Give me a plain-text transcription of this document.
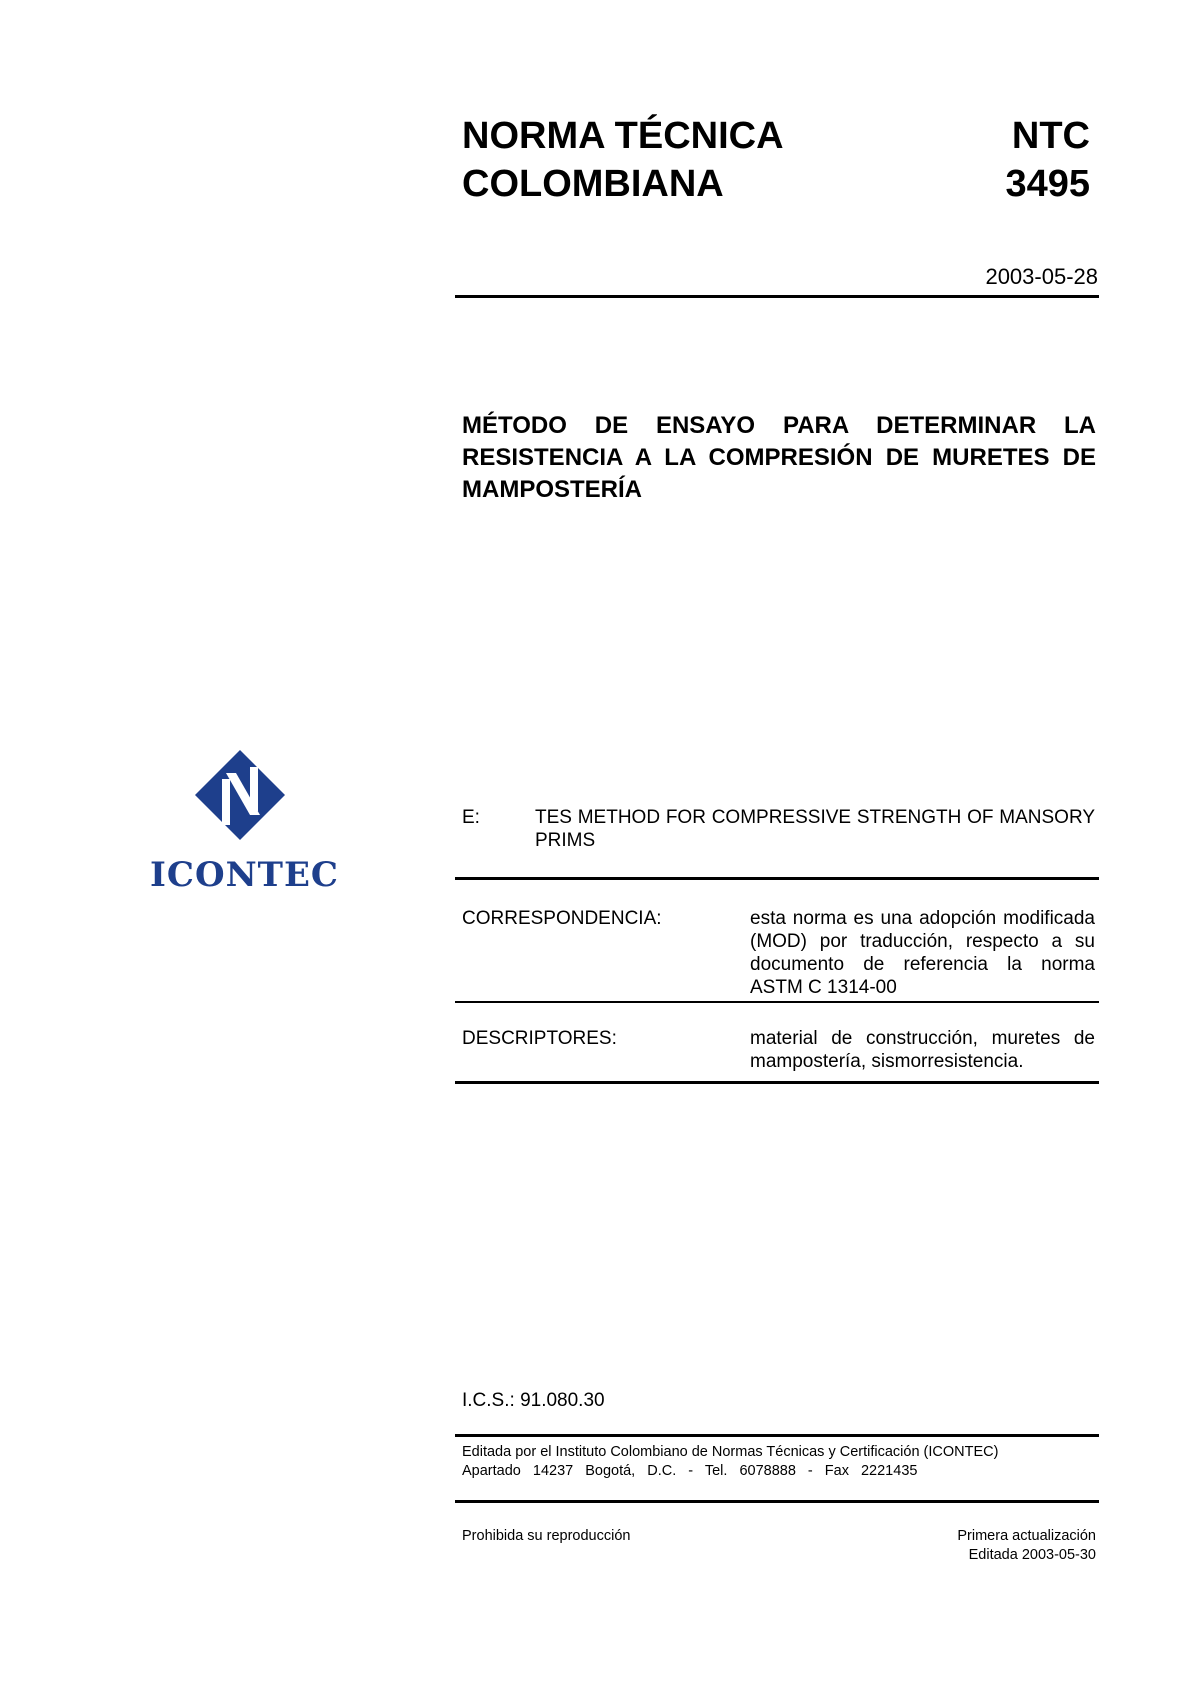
ICONTEC
NORMA TÉCNICA
COLOMBIANA
NTC
3495
2003-05-28
MÉTODO DE ENSAYO PARA DETERMINAR LA RESISTENCIA A LA COMPRESIÓN DE MURETES DE MAMPOSTERÍA
E:	TES METHOD FOR COMPRESSIVE STRENGTH OF MANSORY PRIMS
CORRESPONDENCIA:	esta norma es una adopción modificada (MOD) por traducción, respecto a su documento de referencia la norma ASTM C 1314-00
DESCRIPTORES:	material de construcción, muretes de mampostería, sismorresistencia.
I.C.S.: 91.080.30
Editada por el Instituto Colombiano de Normas Técnicas y Certificación (ICONTEC)
Apartado 14237 Bogotá, D.C. - Tel. 6078888 - Fax 2221435
Prohibida su reproducción	Primera actualización
Editada 2003-05-30
